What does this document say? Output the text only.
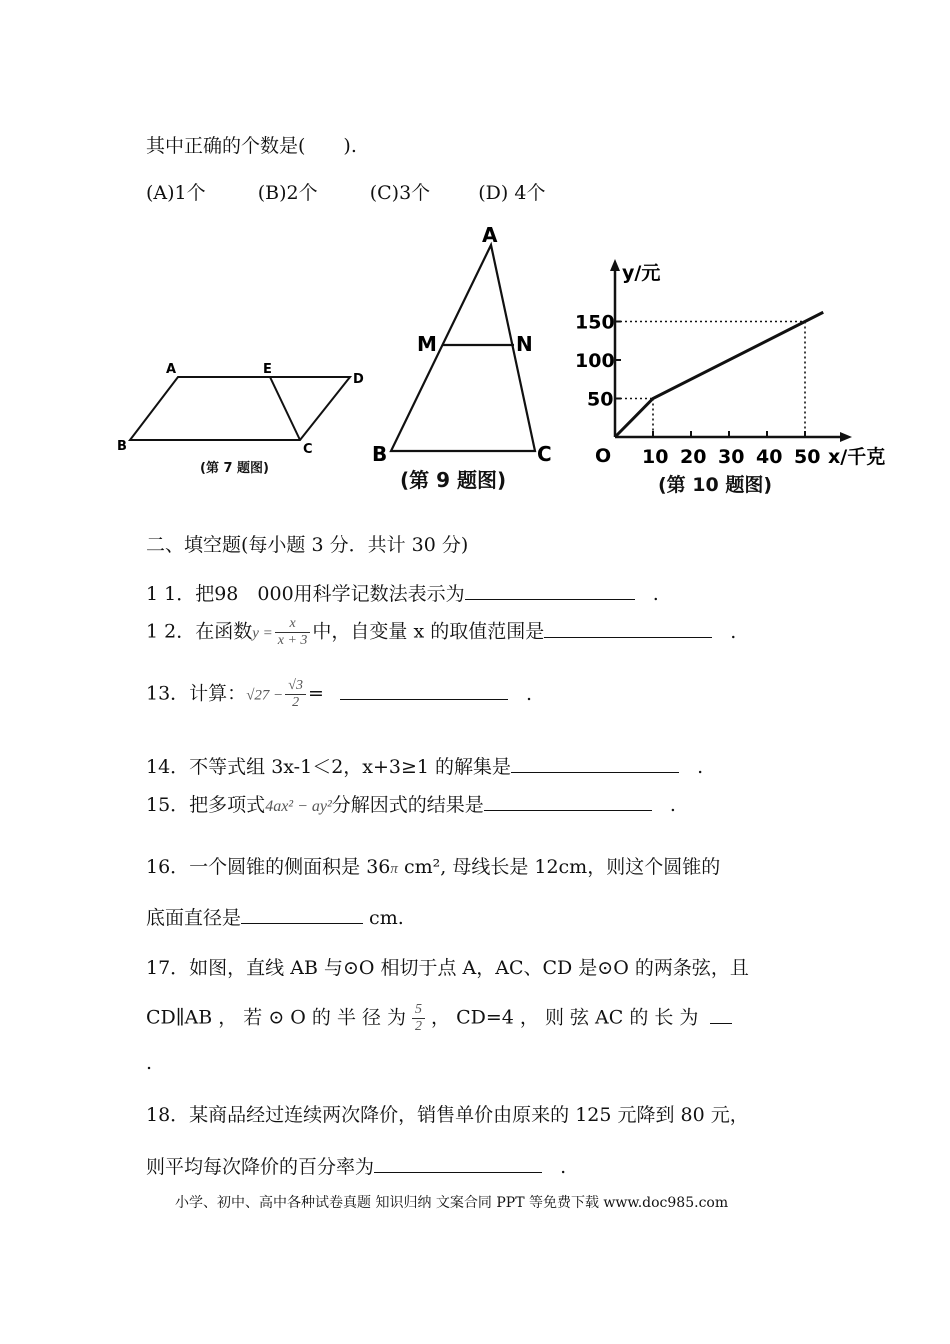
其中正确的个数是(　　).
(A)1个	(B)2个	(C)3个	(D) 4个
A	E
D
B	C
(第 7 题图)
A
M	N
B	C
(第 9 题图)
10 20 30 40 50
150
100
50
y/元
x/千克
O
(第 10 题图)
二、填空题(每小题 3 分．共计 30 分)
1 1．把98　000用科学记数法表示为	.
1 2．在函数$y = \frac{x}{x + 3}$ 中，自变量 x 的取值范围是	.
13．计算：$√27 - \frac{√3}{2}$ =	.
14．不等式组 3x-1＜2，x+3≥1 的解集是	.
15．把多项式4ax² − ay²分解因式的结果是	.
16．一个圆锥的侧面积是 36π cm², 母线长是 12cm，则这个圆锥的
底面直径是	cm.
17．如图，直线 AB 与⊙O 相切于点 A，AC、CD 是⊙O 的两条弦，且
CD∥AB ， 若 ⊙ O 的 半 径 为 $\frac{5}{2}$ ， CD=4 ， 则 弦 AC 的 长 为
.
18．某商品经过连续两次降价，销售单价由原来的 125 元降到 80 元，
则平均每次降价的百分率为	.
小学、初中、高中各种试卷真题 知识归纳 文案合同 PPT 等免费下载 www.doc985.com
